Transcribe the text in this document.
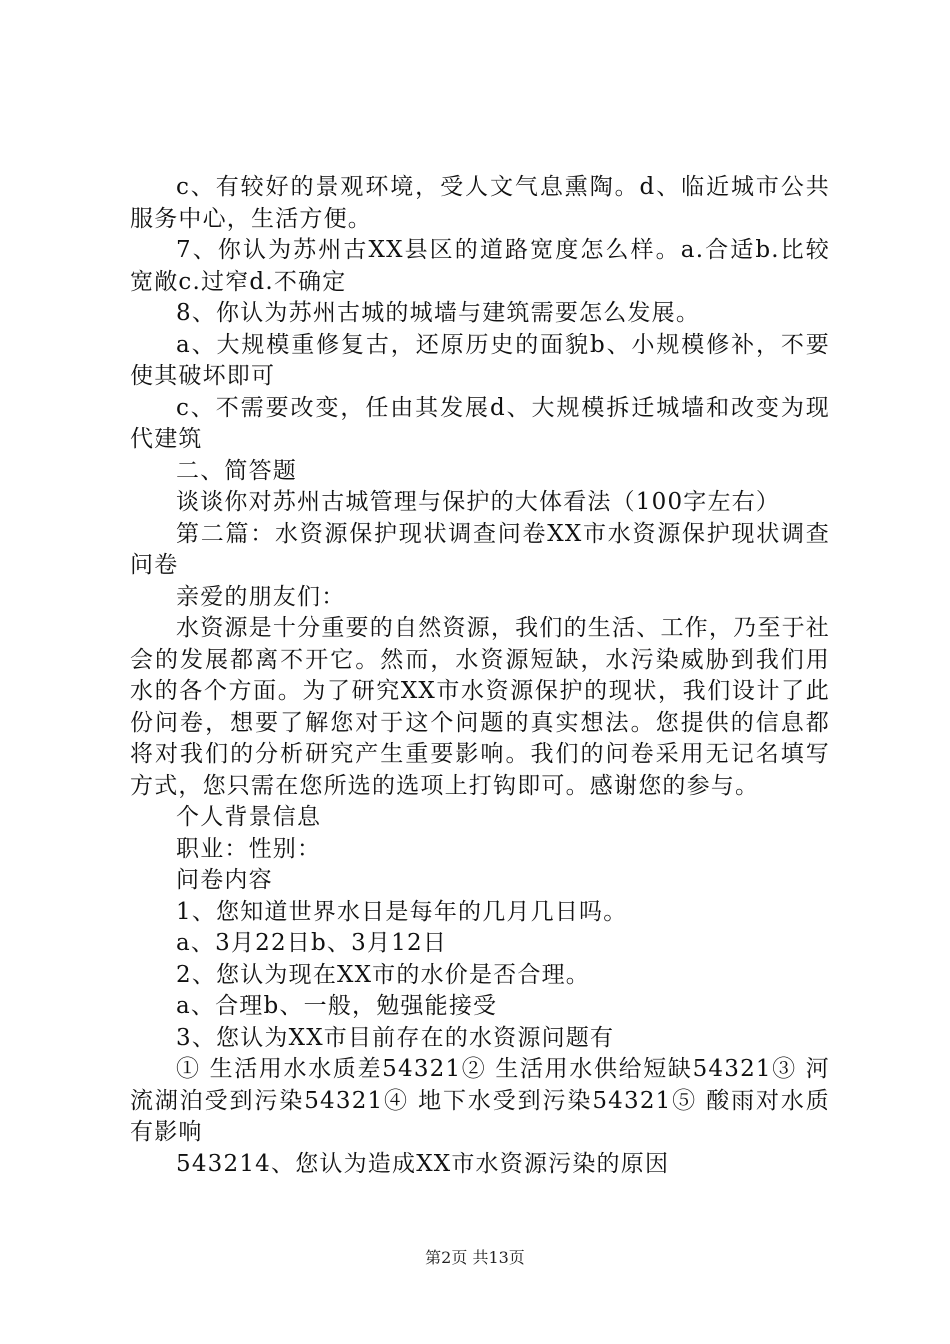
c、有较好的景观环境，受人文气息熏陶。d、临近城市公共服务中心，生活方便。

7、你认为苏州古XX县区的道路宽度怎么样。a.合适b.比较宽敞c.过窄d.不确定

8、你认为苏州古城的城墙与建筑需要怎么发展。

a、大规模重修复古，还原历史的面貌b、小规模修补，不要使其破坏即可

c、不需要改变，任由其发展d、大规模拆迁城墙和改变为现代建筑

二、简答题

谈谈你对苏州古城管理与保护的大体看法（100字左右）

第二篇：水资源保护现状调查问卷XX市水资源保护现状调查问卷

亲爱的朋友们：

水资源是十分重要的自然资源，我们的生活、工作，乃至于社会的发展都离不开它。然而，水资源短缺，水污染威胁到我们用水的各个方面。为了研究XX市水资源保护的现状，我们设计了此份问卷，想要了解您对于这个问题的真实想法。您提供的信息都将对我们的分析研究产生重要影响。我们的问卷采用无记名填写方式，您只需在您所选的选项上打钩即可。感谢您的参与。

个人背景信息

职业：性别：

问卷内容

1、您知道世界水日是每年的几月几日吗。

a、3月22日b、3月12日

2、您认为现在XX市的水价是否合理。

a、合理b、一般，勉强能接受

3、您认为XX市目前存在的水资源问题有

① 生活用水水质差54321② 生活用水供给短缺54321③ 河流湖泊受到污染54321④ 地下水受到污染54321⑤ 酸雨对水质有影响

543214、您认为造成XX市水资源污染的原因

第2页 共13页
